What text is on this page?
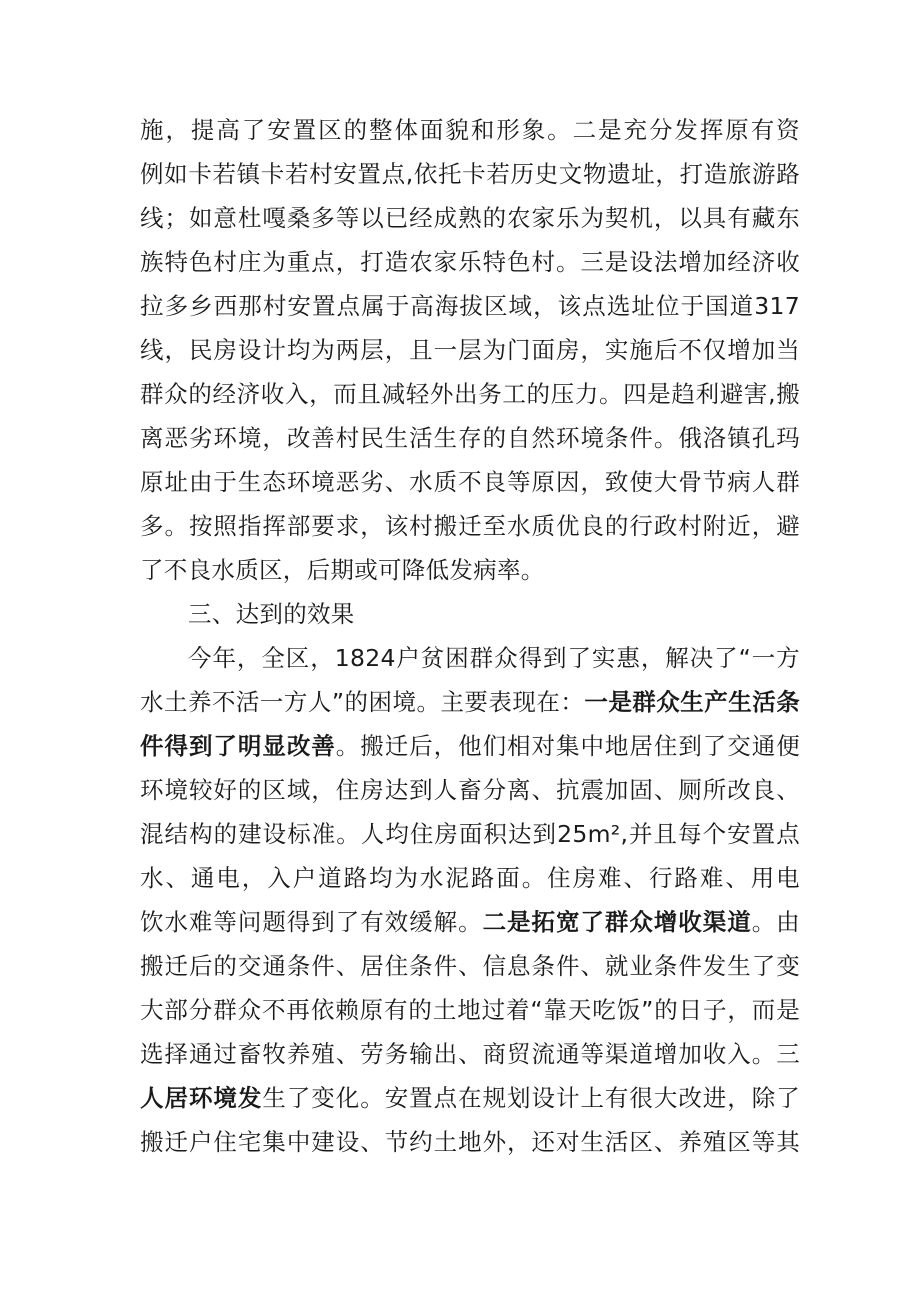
施，提高了安置区的整体面貌和形象。二是充分发挥原有资
例如卡若镇卡若村安置点,依托卡若历史文物遗址，打造旅游路
线；如意杜嘎桑多等以已经成熟的农家乐为契机，以具有藏东
族特色村庄为重点，打造农家乐特色村。三是设法增加经济收
拉多乡西那村安置点属于高海拔区域，该点选址位于国道317
线，民房设计均为两层，且一层为门面房，实施后不仅增加当
群众的经济收入，而且减轻外出务工的压力。四是趋利避害,搬
离恶劣环境，改善村民生活生存的自然环境条件。俄洛镇孔玛
原址由于生态环境恶劣、水质不良等原因，致使大骨节病人群
多。按照指挥部要求，该村搬迁至水质优良的行政村附近，避
了不良水质区，后期或可降低发病率。
三、达到的效果
今年，全区，1824户贫困群众得到了实惠，解决了“一方
水土养不活一方人”的困境。主要表现在：一是群众生产生活条
件得到了明显改善。搬迁后，他们相对集中地居住到了交通便
环境较好的区域，住房达到人畜分离、抗震加固、厕所改良、
混结构的建设标准。人均住房面积达到25m²,并且每个安置点
水、通电，入户道路均为水泥路面。住房难、行路难、用电
饮水难等问题得到了有效缓解。二是拓宽了群众增收渠道。由
搬迁后的交通条件、居住条件、信息条件、就业条件发生了变
大部分群众不再依赖原有的土地过着“靠天吃饭”的日子，而是
选择通过畜牧养殖、劳务输出、商贸流通等渠道增加收入。三
人居环境发生了变化。安置点在规划设计上有很大改进，除了
搬迁户住宅集中建设、节约土地外，还对生活区、养殖区等其
